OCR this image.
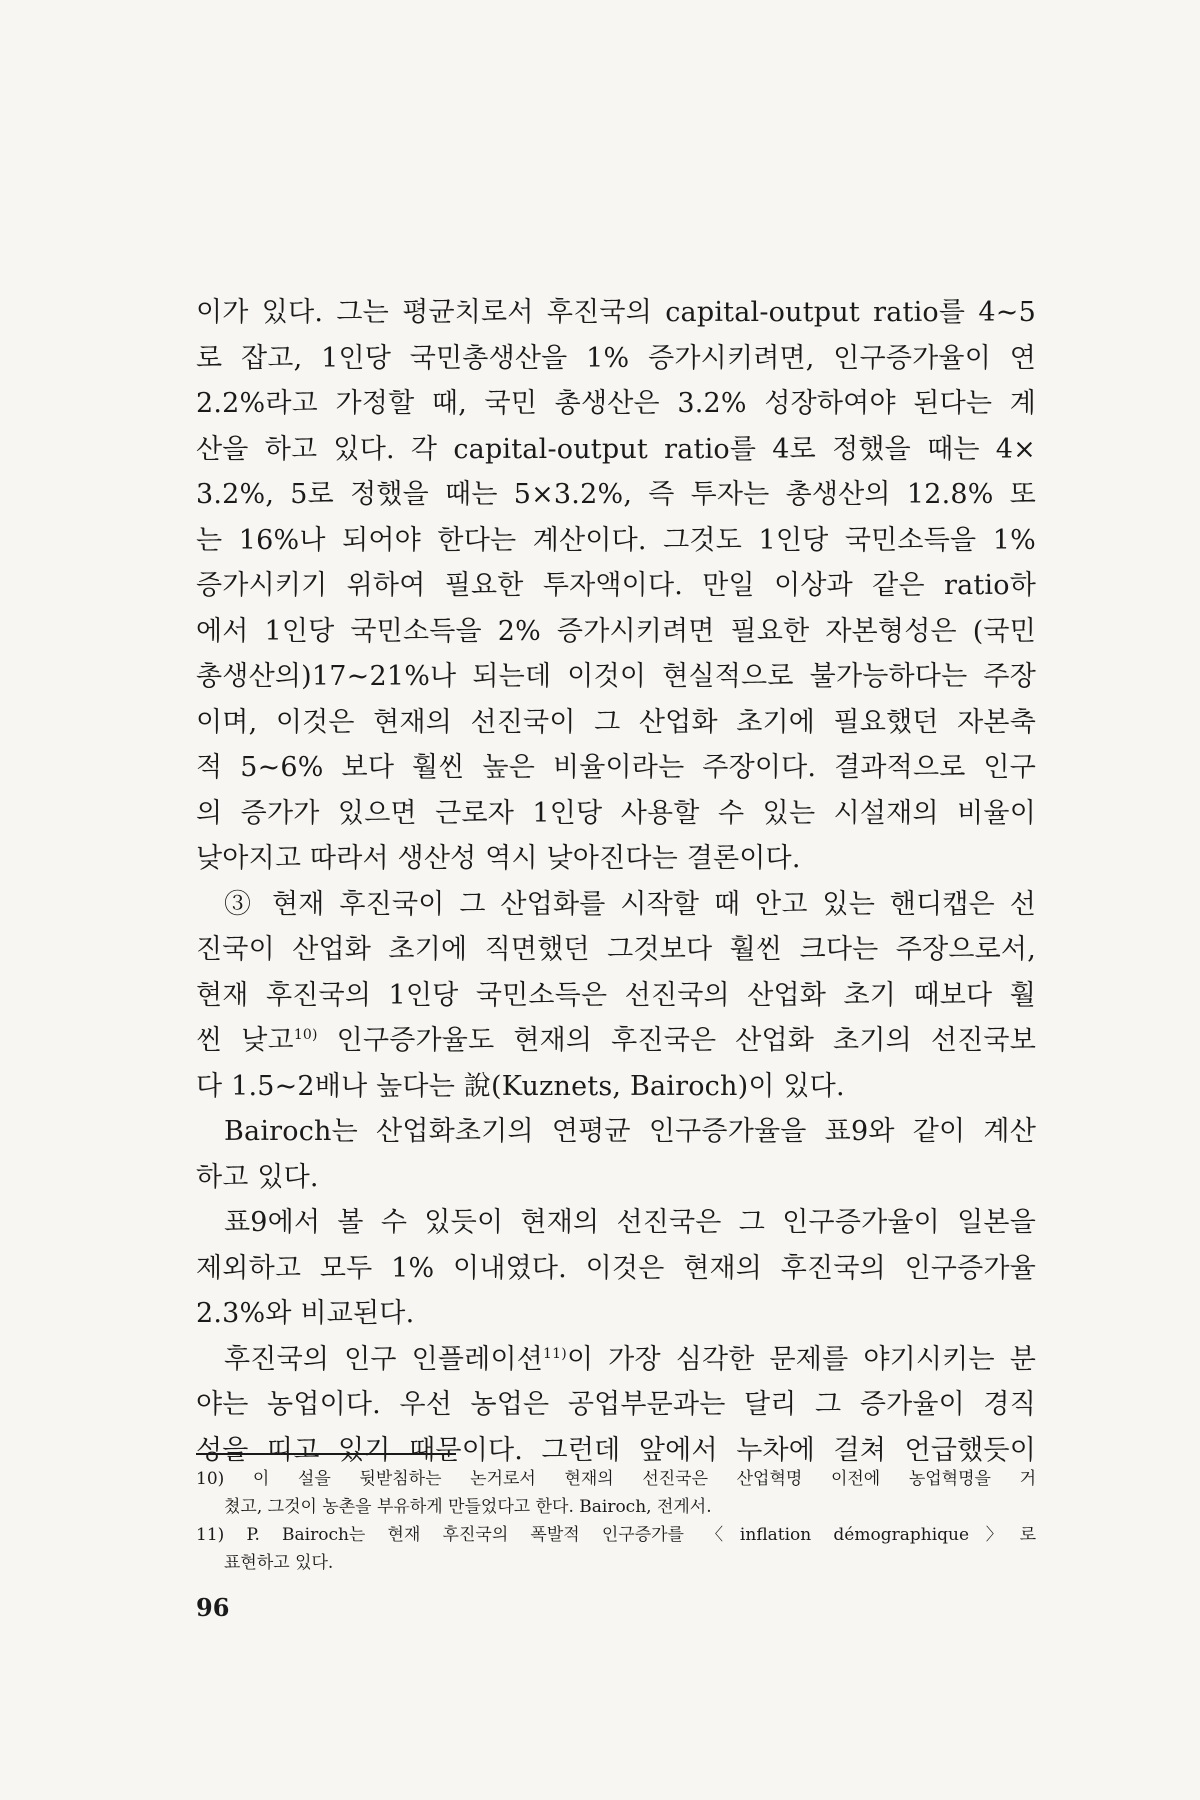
이가 있다. 그는 평균치로서 후진국의 capital-output ratio를 4~5
로 잡고, 1인당 국민총생산을 1% 증가시키려면, 인구증가율이 연
2.2%라고 가정할 때, 국민 총생산은 3.2% 성장하여야 된다는 계
산을 하고 있다. 각 capital-output ratio를 4로 정했을 때는 4×
3.2%, 5로 정했을 때는 5×3.2%, 즉 투자는 총생산의 12.8% 또
는 16%나 되어야 한다는 계산이다. 그것도 1인당 국민소득을 1%
증가시키기 위하여 필요한 투자액이다. 만일 이상과 같은 ratio하
에서 1인당 국민소득을 2% 증가시키려면 필요한 자본형성은 (국민
총생산의)17~21%나 되는데 이것이 현실적으로 불가능하다는 주장
이며, 이것은 현재의 선진국이 그 산업화 초기에 필요했던 자본축
적 5~6% 보다 훨씬 높은 비율이라는 주장이다. 결과적으로 인구
의 증가가 있으면 근로자 1인당 사용할 수 있는 시설재의 비율이
낮아지고 따라서 생산성 역시 낮아진다는 결론이다.
③ 현재 후진국이 그 산업화를 시작할 때 안고 있는 핸디캡은 선
진국이 산업화 초기에 직면했던 그것보다 훨씬 크다는 주장으로서,
현재 후진국의 1인당 국민소득은 선진국의 산업화 초기 때보다 훨
씬 낮고$^{10)}$ 인구증가율도 현재의 후진국은 산업화 초기의 선진국보
다 1.5~2배나 높다는 說(Kuznets, Bairoch)이 있다.
Bairoch는 산업화초기의 연평균 인구증가율을 표9와 같이 계산
하고 있다.
표9에서 볼 수 있듯이 현재의 선진국은 그 인구증가율이 일본을
제외하고 모두 1% 이내였다. 이것은 현재의 후진국의 인구증가율
2.3%와 비교된다.
후진국의 인구 인플레이션$^{11)}$이 가장 심각한 문제를 야기시키는 분
야는 농업이다. 우선 농업은 공업부문과는 달리 그 증가율이 경직
성을 띠고 있기 때문이다. 그런데 앞에서 누차에 걸쳐 언급했듯이
10) 이 설을 뒷받침하는 논거로서 현재의 선진국은 산업혁명 이전에 농업혁명을 거
쳤고, 그것이 농촌을 부유하게 만들었다고 한다. Bairoch, 전게서.
11) P. Bairoch는 현재 후진국의 폭발적 인구증가를 〈inflation démographique〉로
표현하고 있다.
96
